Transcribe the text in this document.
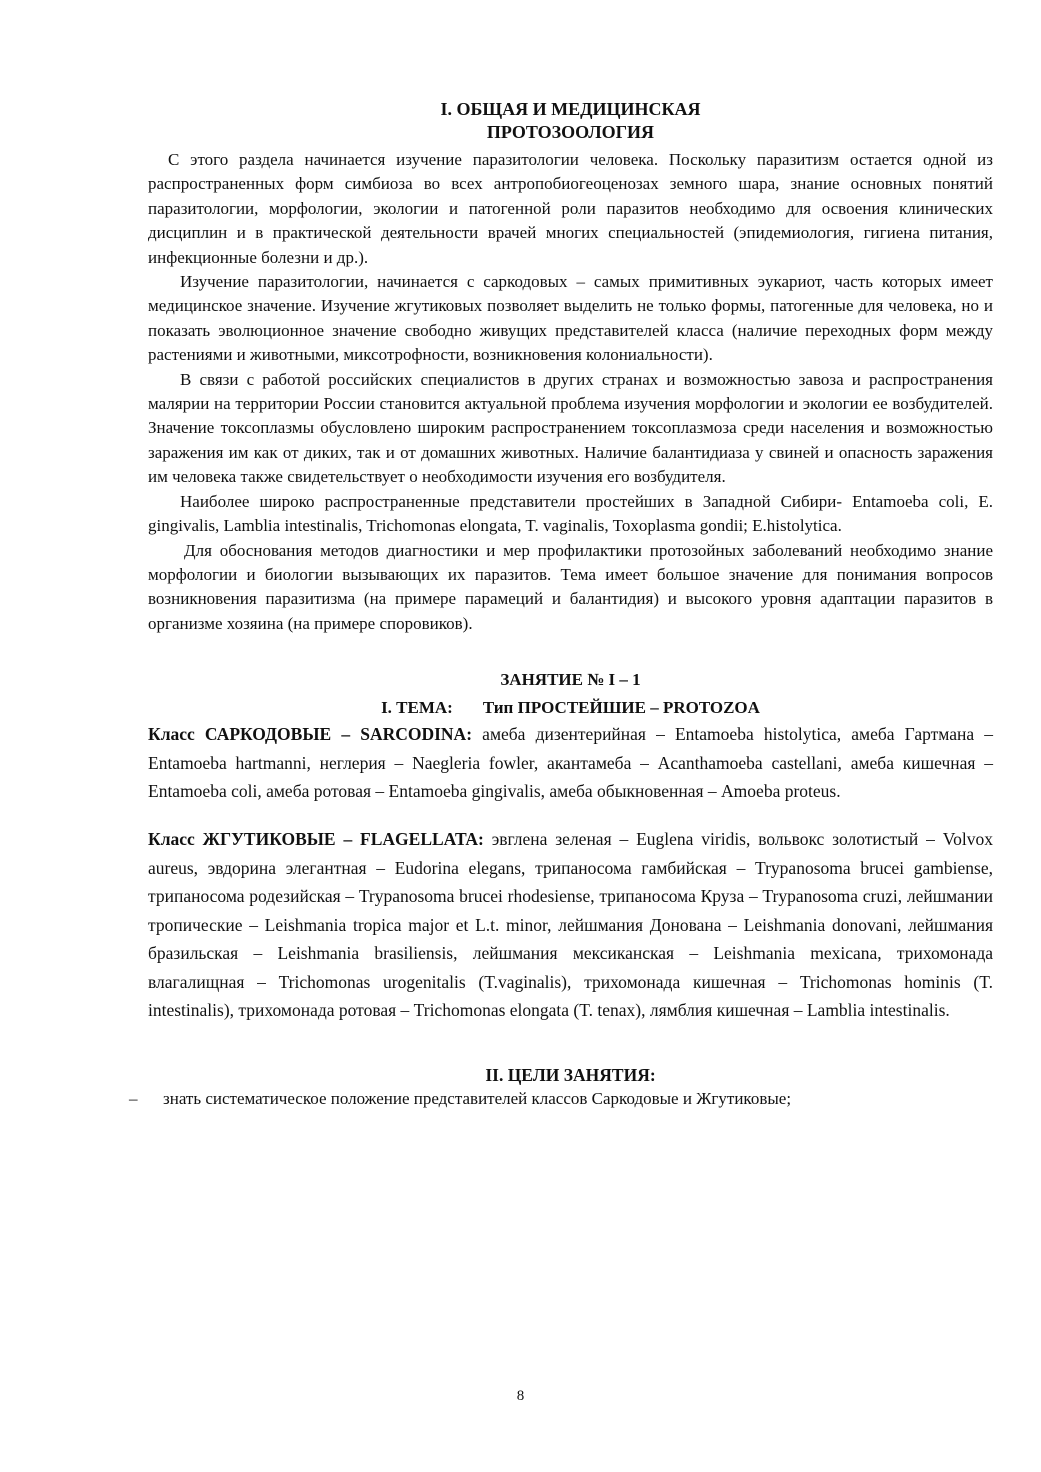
I. ОБЩАЯ И МЕДИЦИНСКАЯ

ПРОТОЗООЛОГИЯ

С этого раздела начинается изучение паразитологии человека. Поскольку паразитизм остается одной из распространенных форм симбиоза во всех антропобиогеоценозах земного шара, знание основных понятий паразитологии, морфологии, экологии и патогенной роли паразитов необходимо для освоения клинических дисциплин и в практической деятельности врачей многих специальностей (эпидемиология, гигиена питания, инфекционные болезни и др.).

Изучение паразитологии, начинается с саркодовых – самых примитивных эукариот, часть которых имеет медицинское значение. Изучение жгутиковых позволяет выделить не только формы, патогенные для человека, но и показать эволюционное значение свободно живущих представителей класса (наличие переходных форм между растениями и животными, миксотрофности, возникновения колониальности).

В связи с работой российских специалистов в других странах и возможностью завоза и распространения малярии на территории России становится актуальной проблема изучения морфологии и экологии ее возбудителей. Значение токсоплазмы обусловлено широким распространением токсоплазмоза среди населения и возможностью заражения им как от диких, так и от домашних животных. Наличие балантидиаза у свиней и опасность заражения им человека также свидетельствует о необходимости изучения его возбудителя.

Наиболее широко распространенные представители простейших в Западной Сибири- Entamoeba coli, E. gingivalis, Lamblia intestinalis, Trichomonas elongata, T. vaginalis, Toxoplasma gondii; E.histolytica.

Для обоснования методов диагностики и мер профилактики протозойных заболеваний необходимо знание морфологии и биологии вызывающих их паразитов. Тема имеет большое значение для понимания вопросов возникновения паразитизма (на примере парамеций и балантидия) и высокого уровня адаптации паразитов в организме хозяина (на примере споровиков).

ЗАНЯТИЕ № I – 1

I. ТЕМА: Тип ПРОСТЕЙШИЕ – PROTOZOA

Класс САРКОДОВЫЕ – SARCODINA: амеба дизентерийная – Entamoeba histolytica, амеба Гартмана – Entamoeba hartmanni, неглерия – Naegleria fowler, акантамеба – Acanthamoeba castellani, амеба кишечная – Entamoeba coli, амеба ротовая – Entamoeba gingivalis, амеба обыкновенная – Amoeba proteus.

Класс ЖГУТИКОВЫЕ – FLAGELLATA: эвглена зеленая – Euglena viridis, вольвокс золотистый – Volvox aureus, эвдорина элегантная – Eudorina elegans, трипаносома гамбийская – Trypanosoma brucei gambiense, трипаносома родезийская – Trypanosoma brucei rhodesiense, трипаносома Круза – Trypanosoma cruzi, лейшмании тропические – Leishmania tropica major et L.t. minor, лейшмания Донована – Leishmania donovani, лейшмания бразильская – Leishmania brasiliensis, лейшмания мексиканская – Leishmania mexicana, трихомонада влагалищная – Trichomonas urogenitalis (T.vaginalis), трихомонада кишечная – Trichomonas hominis (T. intestinalis), трихомонада ротовая – Trichomonas elongata (T. tenax), лямблия кишечная – Lamblia intestinalis.

II. ЦЕЛИ ЗАНЯТИЯ:

– знать систематическое положение представителей классов Саркодовые и Жгутиковые;

8
